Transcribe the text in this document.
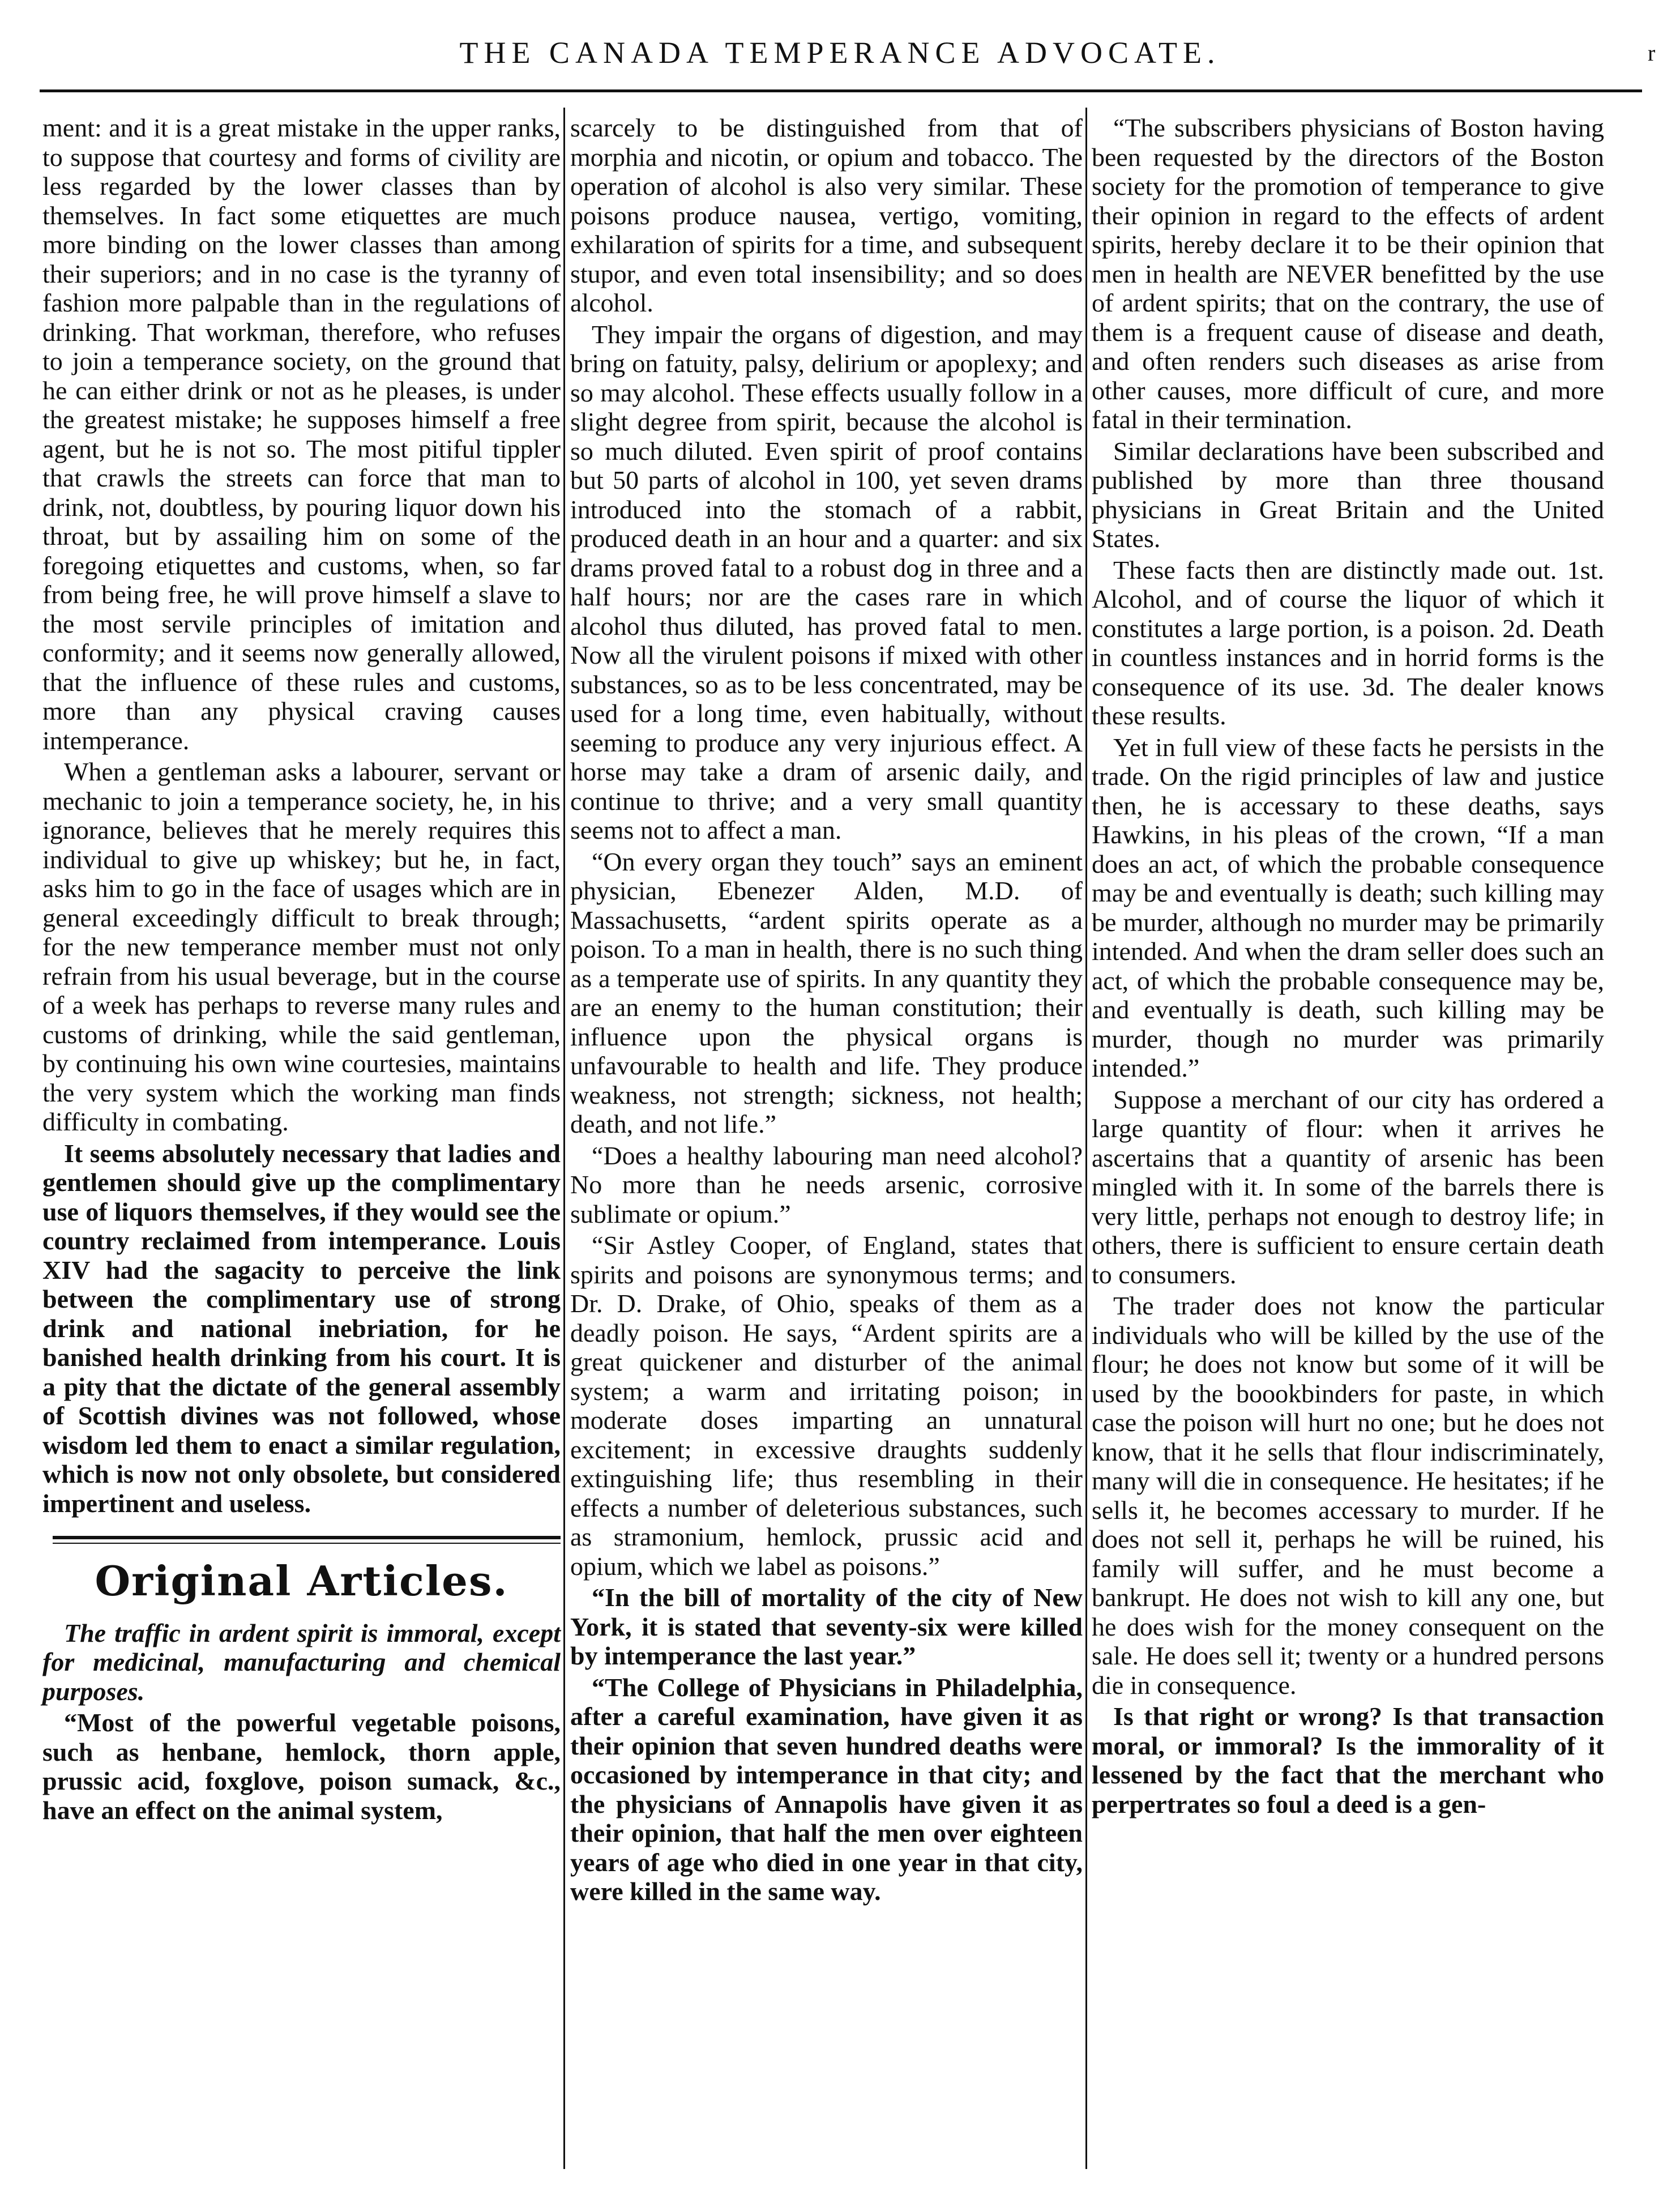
THE CANADA TEMPERANCE ADVOCATE.	r

ment: and it is a great mistake in the upper ranks, to suppose that courtesy and forms of civility are less regarded by the lower classes than by themselves. In fact some etiquettes are much more binding on the lower classes than among their superiors; and in no case is the tyranny of fashion more palpable than in the regulations of drinking. That workman, therefore, who refuses to join a temperance society, on the ground that he can either drink or not as he pleases, is under the greatest mistake; he supposes himself a free agent, but he is not so. The most pitiful tippler that crawls the streets can force that man to drink, not, doubtless, by pouring liquor down his throat, but by assailing him on some of the foregoing etiquettes and customs, when, so far from being free, he will prove himself a slave to the most servile principles of imitation and conformity; and it seems now generally allowed, that the influence of these rules and customs, more than any physical craving causes intemperance.

When a gentleman asks a labourer, servant or mechanic to join a temperance society, he, in his ignorance, believes that he merely requires this individual to give up whiskey; but he, in fact, asks him to go in the face of usages which are in general exceedingly difficult to break through; for the new temperance member must not only refrain from his usual beverage, but in the course of a week has perhaps to reverse many rules and customs of drinking, while the said gentleman, by continuing his own wine courtesies, maintains the very system which the working man finds difficulty in combating.

It seems absolutely necessary that ladies and gentlemen should give up the complimentary use of liquors themselves, if they would see the country reclaimed from intemperance. Louis XIV had the sagacity to perceive the link between the complimentary use of strong drink and national inebriation, for he banished health drinking from his court. It is a pity that the dictate of the general assembly of Scottish divines was not followed, whose wisdom led them to enact a similar regulation, which is now not only obsolete, but considered impertinent and useless.

Original Articles.

The traffic in ardent spirit is immoral, except for medicinal, manufacturing and chemical purposes.

“Most of the powerful vegetable poisons, such as henbane, hemlock, thorn apple, prussic acid, foxglove, poison sumack, &c., have an effect on the animal system,

scarcely to be distinguished from that of morphia and nicotin, or opium and tobacco. The operation of alcohol is also very similar. These poisons produce nausea, vertigo, vomiting, exhilaration of spirits for a time, and subsequent stupor, and even total insensibility; and so does alcohol.

They impair the organs of digestion, and may bring on fatuity, palsy, delirium or apoplexy; and so may alcohol. These effects usually follow in a slight degree from spirit, because the alcohol is so much diluted. Even spirit of proof contains but 50 parts of alcohol in 100, yet seven drams introduced into the stomach of a rabbit, produced death in an hour and a quarter: and six drams proved fatal to a robust dog in three and a half hours; nor are the cases rare in which alcohol thus diluted, has proved fatal to men. Now all the virulent poisons if mixed with other substances, so as to be less concentrated, may be used for a long time, even habitually, without seeming to produce any very injurious effect. A horse may take a dram of arsenic daily, and continue to thrive; and a very small quantity seems not to affect a man.

“On every organ they touch” says an eminent physician, Ebenezer Alden, M.D. of Massachusetts, “ardent spirits operate as a poison. To a man in health, there is no such thing as a temperate use of spirits. In any quantity they are an enemy to the human constitution; their influence upon the physical organs is unfavourable to health and life. They produce weakness, not strength; sickness, not health; death, and not life.”

“Does a healthy labouring man need alcohol? No more than he needs arsenic, corrosive sublimate or opium.”

“Sir Astley Cooper, of England, states that spirits and poisons are synonymous terms; and Dr. D. Drake, of Ohio, speaks of them as a deadly poison. He says, “Ardent spirits are a great quickener and disturber of the animal system; a warm and irritating poison; in moderate doses imparting an unnatural excitement; in excessive draughts suddenly extinguishing life; thus resembling in their effects a number of deleterious substances, such as stramonium, hemlock, prussic acid and opium, which we label as poisons.”

“In the bill of mortality of the city of New York, it is stated that seventy-six were killed by intemperance the last year.”

“The College of Physicians in Philadelphia, after a careful examination, have given it as their opinion that seven hundred deaths were occasioned by intemperance in that city; and the physicians of Annapolis have given it as their opinion, that half the men over eighteen years of age who died in one year in that city, were killed in the same way.

“The subscribers physicians of Boston having been requested by the directors of the Boston society for the promotion of temperance to give their opinion in regard to the effects of ardent spirits, hereby declare it to be their opinion that men in health are NEVER benefitted by the use of ardent spirits; that on the contrary, the use of them is a frequent cause of disease and death, and often renders such diseases as arise from other causes, more difficult of cure, and more fatal in their termination.

Similar declarations have been subscribed and published by more than three thousand physicians in Great Britain and the United States.

These facts then are distinctly made out. 1st. Alcohol, and of course the liquor of which it constitutes a large portion, is a poison. 2d. Death in countless instances and in horrid forms is the consequence of its use. 3d. The dealer knows these results.

Yet in full view of these facts he persists in the trade. On the rigid principles of law and justice then, he is accessary to these deaths, says Hawkins, in his pleas of the crown, “If a man does an act, of which the probable consequence may be and eventually is death; such killing may be murder, although no murder may be primarily intended. And when the dram seller does such an act, of which the probable consequence may be, and eventually is death, such killing may be murder, though no murder was primarily intended.”

Suppose a merchant of our city has ordered a large quantity of flour: when it arrives he ascertains that a quantity of arsenic has been mingled with it. In some of the barrels there is very little, perhaps not enough to destroy life; in others, there is sufficient to ensure certain death to consumers.

The trader does not know the particular individuals who will be killed by the use of the flour; he does not know but some of it will be used by the boookbinders for paste, in which case the poison will hurt no one; but he does not know, that it he sells that flour indiscriminately, many will die in consequence. He hesitates; if he sells it, he becomes accessary to murder. If he does not sell it, perhaps he will be ruined, his family will suffer, and he must become a bankrupt. He does not wish to kill any one, but he does wish for the money consequent on the sale. He does sell it; twenty or a hundred persons die in consequence.

Is that right or wrong? Is that transaction moral, or immoral? Is the immorality of it lessened by the fact that the merchant who perpertrates so foul a deed is a gen-
